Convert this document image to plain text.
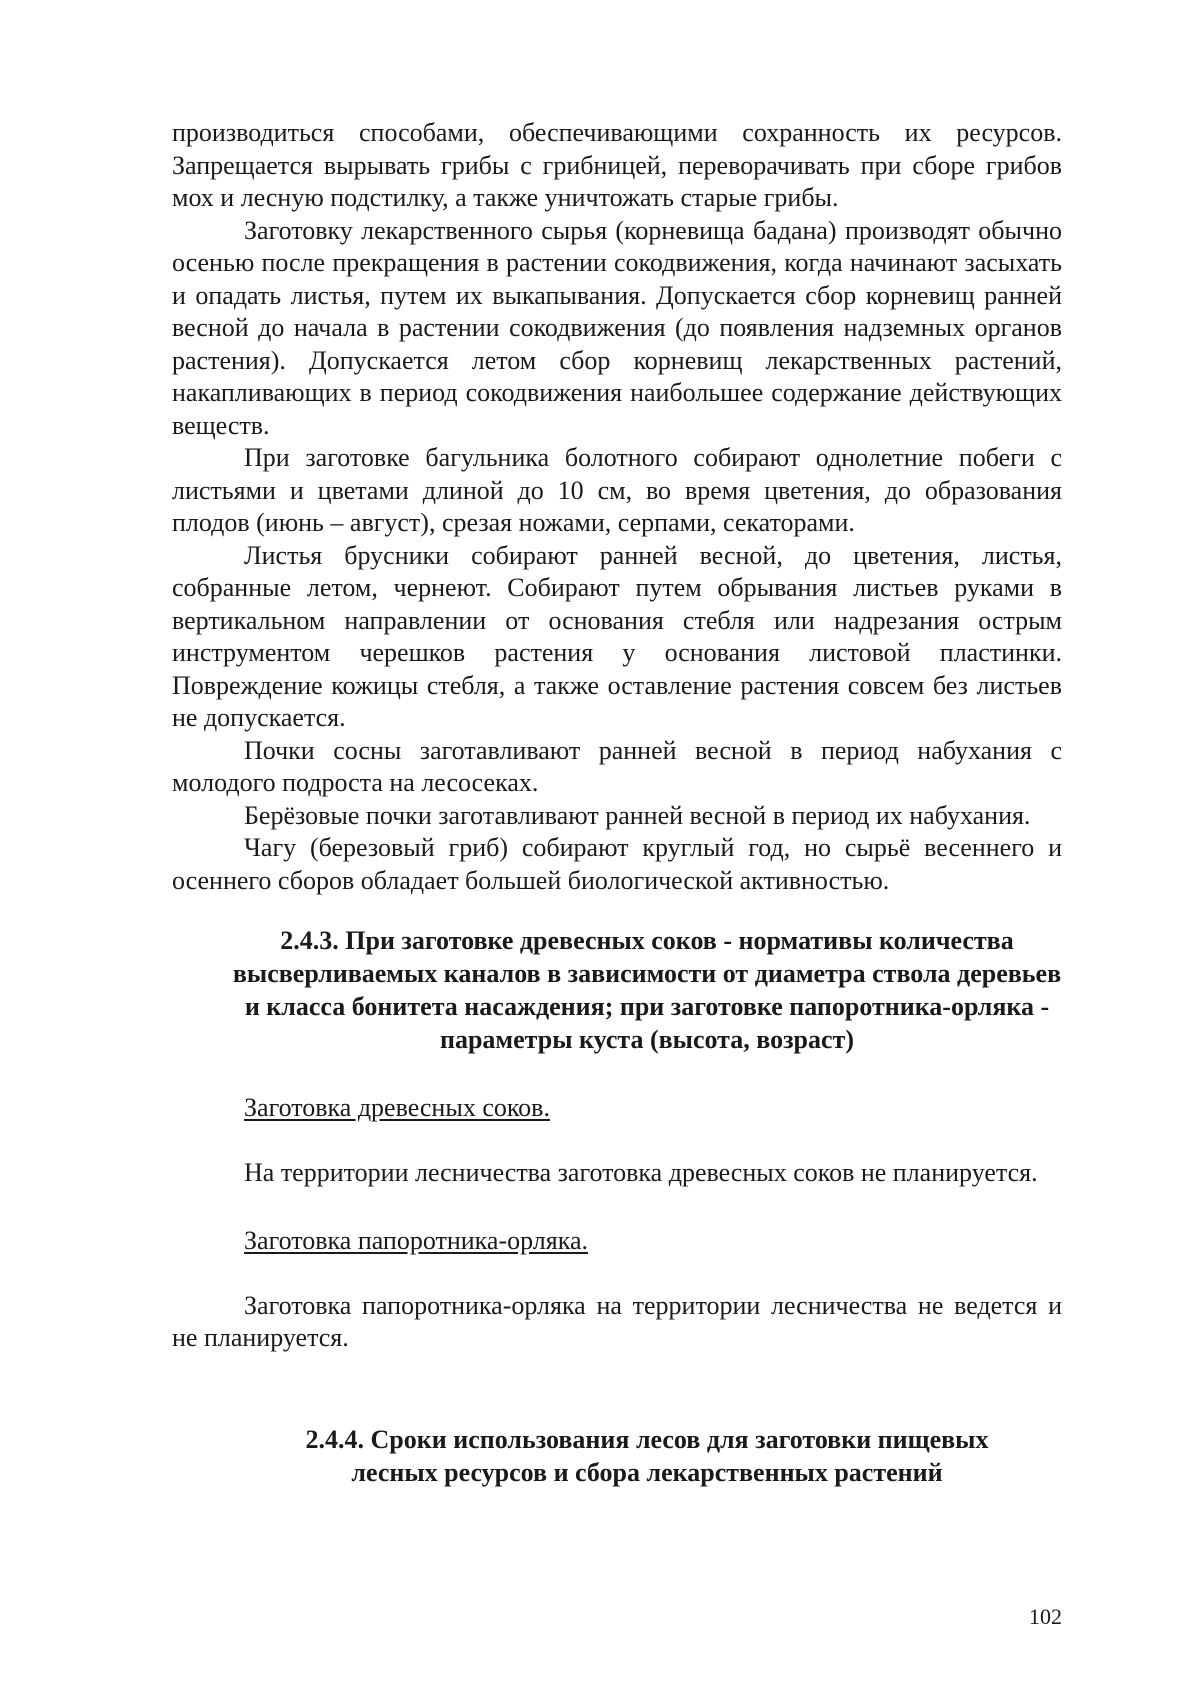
производиться способами, обеспечивающими сохранность их ресурсов. Запрещается вырывать грибы с грибницей, переворачивать при сборе грибов мох и лесную подстилку, а также уничтожать старые грибы.

Заготовку лекарственного сырья (корневища бадана) производят обычно осенью после прекращения в растении сокодвижения, когда начинают засыхать и опадать листья, путем их выкапывания. Допускается сбор корневищ ранней весной до начала в растении сокодвижения (до появления надземных органов растения). Допускается летом сбор корневищ лекарственных растений, накапливающих в период сокодвижения наибольшее содержание действующих веществ.

При заготовке багульника болотного собирают однолетние побеги с листьями и цветами длиной до 10 см, во время цветения, до образования плодов (июнь – август), срезая ножами, серпами, секаторами.

Листья брусники собирают ранней весной, до цветения, листья, собранные летом, чернеют. Собирают путем обрывания листьев руками в вертикальном направлении от основания стебля или надрезания острым инструментом черешков растения у основания листовой пластинки. Повреждение кожицы стебля, а также оставление растения совсем без листьев не допускается.

Почки сосны заготавливают ранней весной в период набухания с молодого подроста на лесосеках.

Берёзовые почки заготавливают ранней весной в период их набухания.

Чагу (березовый гриб) собирают круглый год, но сырьё весеннего и осеннего сборов обладает большей биологической активностью.

2.4.3. При заготовке древесных соков - нормативы количества высверливаемых каналов в зависимости от диаметра ствола деревьев и класса бонитета насаждения; при заготовке папоротника-орляка - параметры куста (высота, возраст)

Заготовка древесных соков.

На территории лесничества заготовка древесных соков не планируется.

Заготовка папоротника-орляка.

Заготовка папоротника-орляка на территории лесничества не ведется и не планируется.

2.4.4. Сроки использования лесов для заготовки пищевых лесных ресурсов и сбора лекарственных растений

102
